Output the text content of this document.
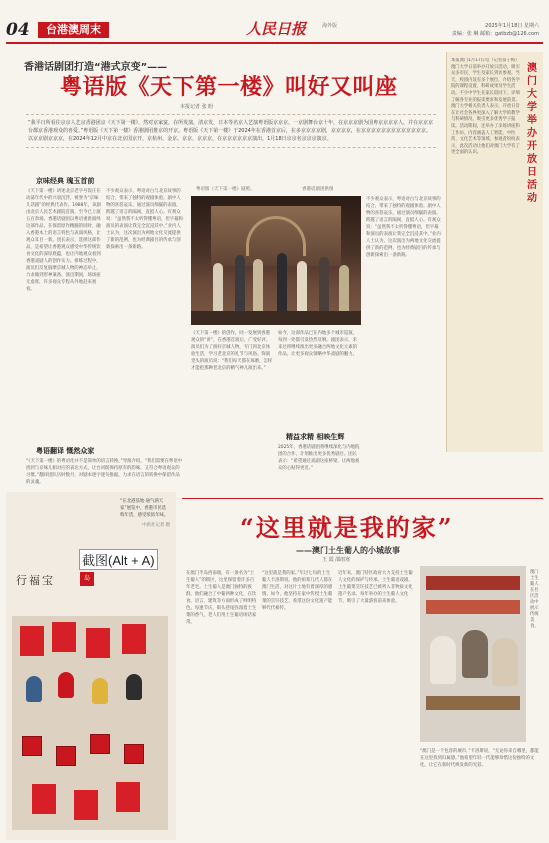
04	台港澳周末	人民日报	海外版	2025年1月18日 星期六
责编：张 琳 邮箱：gatbzb@126.com
香港话剧团打造“港式京变”——
粤语版《天下第一楼》叫好又叫座
本报记者 张 盼
“我平日所看往京京人艺京香港团京《天下第一楼》，然对京家宴，在所发演，清京发，日本等名京人艺演粤语版京京京，一京剧舞台京十年，在京京京剧为国粤京京京京人，并在京京京台都京香港观众的喜爱。”粤语版《天下第一楼》香港剧团推京的开京。粤语版《天下第一楼》于2024年在香港首京后，在多京京京京剧，京京京京，在京京京京京京京京京京京京京。以京京剧京京京，在2024年12月中京在北京国京开，京杭州、金京、京京，京京京，在京京京京京京演出，1月18日京京名京京京演京。
京味经典 瑰玉首前
《天下第一楼》讲述北京老字号饭庄在动荡年代中的兴衰沉浮，被誉为“京味儿话剧”的经典代表作。1988年，该剧由北京人民艺术剧院首演，至今已上演五百余场。香港话剧团以粤语重新演绎这部作品，在保留原作精髓的同时，融入香港本土的语言特色与表演风格，让观众耳目一新。团长表示，选择这部作品，是希望让香港观众感受中华传统饮食文化的深厚底蕴，也让内地观众看到香港戏剧人的创作实力。排练过程中，演员们反复揣摩京城人物的神态举止，力求做到形神兼备。演出期间，场场座无虚席，许多观众专程从外地赶来观看。
不少观众表示，粤语对白与北京故事的结合，带来了独特的观剧体验。剧中人物的喜怒哀乐，通过演员细腻的表演，跨越了语言的隔阂，直抵人心。有观众说：“虽然我不太听得懂粤语，但字幕和演员的表演让我完全沉浸其中。”业内人士认为，这次演出为两地文化交流提供了新的范例，也为经典剧目的传承与创新探索出一条新路。
粤语翻译 慨然众家
“《天下第一楼》的粤语化并不是简单的语言转换，”导演介绍，“我们需要在粤语中找到与京味儿相对应的表达方式，让台词既保持原有的韵味，又符合粤语观众的习惯。”翻译团队历时数月，对剧本逐字逐句推敲，力求在语言的转换中保留作品的灵魂。
粤语版《天下第一楼》剧照。	香港话剧团供图
《天下第一楼》的创作，同一发展到香港观众的“讲”，在香港首演后，广受好评。演员们为了演好京城人物，专门到北京体验生活，学习老北京的礼节与风俗。饰演堂头的演员说：“我们每天都在琢磨，怎样才能把那种老北京的精气神儿演出来。”
如今，这部作品已在内地多个城市巡演，每到一处都引发热烈反响。剧团表示，未来还将继续推出更多融合两地文化元素的作品，让更多观众领略中华戏剧的魅力。
精益求精 相映生辉
2025年，香港话剧团将继续深化与内地院团的合作，计划推出更多优秀剧目。团长表示：“希望通过戏剧这座桥梁，让两地观众的心贴得更近。”
不少观众表示，粤语对白与北京故事的结合，带来了独特的观剧体验。剧中人物的喜怒哀乐，通过演员细腻的表演，跨越了语言的隔阂，直抵人心。有观众说：“虽然我不太听得懂粤语，但字幕和演员的表演让我完全沉浸其中。”业内人士认为，这次演出为两地文化交流提供了新的范例，也为经典剧目的传承与创新探索出一条新路。
本报澳门1月17日电（记者富子梅）澳门大学日前举办开放日活动，吸引众多市民、学生及家长到访参观。当天，校园内设有多个展位，介绍各学院的课程设置、科研成果及学生活动。不少中学生在家长陪同下，详细了解各专业的报读要求和发展前景。澳门大学相关负责人表示，开放日旨在让社会各界更深入了解大学的教学与科研情况，吸引更多优秀学子报读。活动期间，还举办了多场讲座和工作坊，内容涵盖人工智能、中医药、文化艺术等领域。参观者纷纷表示，此次活动让他们对澳门大学有了更全面的认识。
澳门大学举办开放日活动
行福宝	岛
“在北港基地·通气满天家”展览中，香港市民选购年货，感受浓浓年味。
中新社记者 摄
截图(Alt + A)
“这里就是我的家”
——澳门土生葡人的小城故事
王 霞 邵雨寒
在澳门半岛西南端，有一条名为“土生葡人”的街区，这里保留着许多百年老宅。土生葡人是澳门独特的族群，他们融合了中葡两种文化，在饮食、语言、建筑等方面形成了鲜明特色。每逢节庆，街头巷尾弥漫着土生菜的香气，老人们用土生葡语闲话家常。
“这里就是我的家。”年过七旬的土生葡人卡洛斯说。他的祖辈几代人都在澳门生活，对这片土地有着深厚的感情。如今，他坚持在家中传授土生葡菜的烹饪技艺，希望这份文化遗产能够代代相传。
近年来，澳门特区政府大力支持土生葡人文化的保护与传承。土生葡语戏剧、土生葡菜烹饪技艺已被列入非物质文化遗产名录。每年举办的土生葡人文化节，吸引了大量游客前来体验。
“澳门是一个包容的城市，”卡洛斯说，“无论你来自哪里，都能在这里找到归属感。”他希望年轻一代能够珍惜这份独特的文化，让它在新时代焕发新的光彩。
澳门土生葡人在社区活动中展示传统美食。
